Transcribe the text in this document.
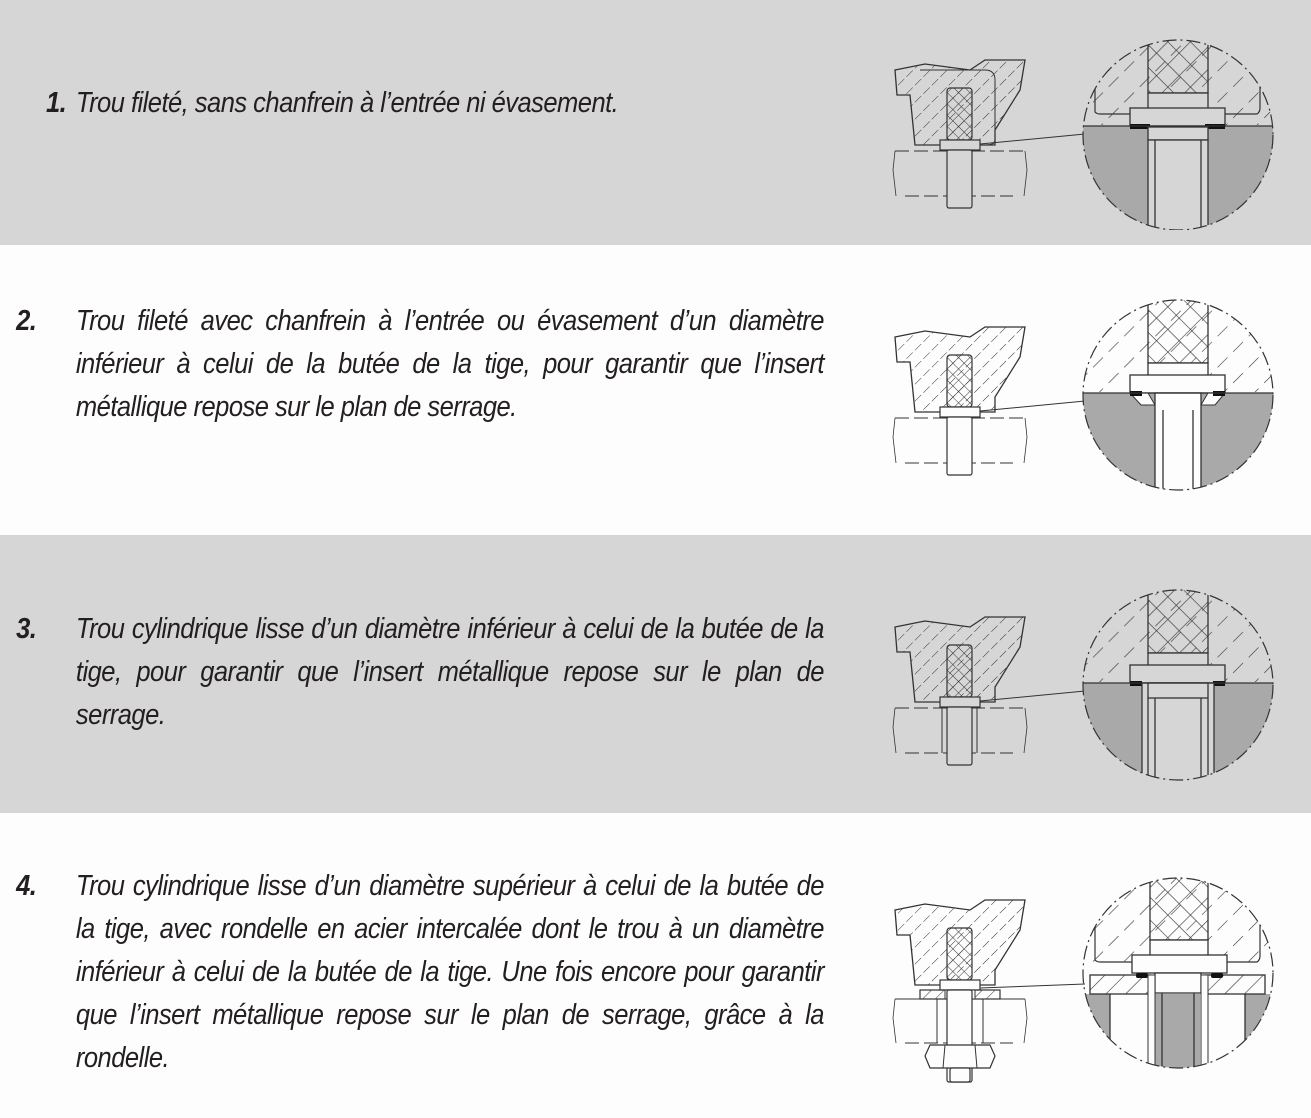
1. Trou fileté, sans chanfrein à l’entrée ni évasement.
2. Trou fileté avec chanfrein à l’entrée ou évasement d’un diamètre inférieur à celui de la butée de la tige, pour garantir que l’insert métallique repose sur le plan de serrage.
3. Trou cylindrique lisse d’un diamètre inférieur à celui de la butée de la tige, pour garantir que l’insert métallique repose sur le plan de serrage.
4. Trou cylindrique lisse d’un diamètre supérieur à celui de la butée de la tige, avec rondelle en acier intercalée dont le trou à un diamètre inférieur à celui de la butée de la tige. Une fois encore pour garantir que l’insert métallique repose sur le plan de serrage, grâce à la rondelle.
